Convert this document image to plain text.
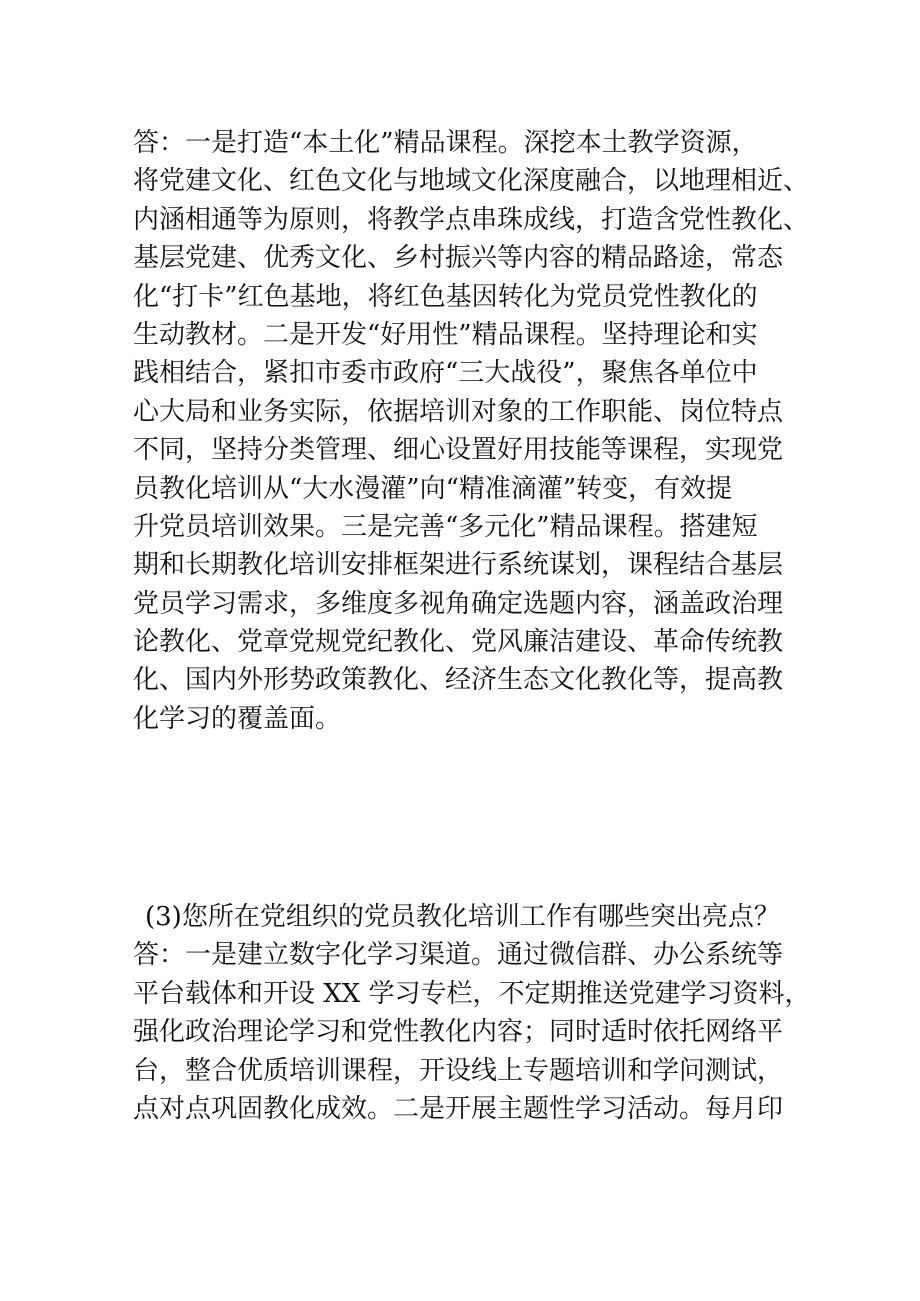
答：一是打造“本土化”精品课程。深挖本土教学资源，
将党建文化、红色文化与地域文化深度融合，以地理相近、
内涵相通等为原则，将教学点串珠成线，打造含党性教化、
基层党建、优秀文化、乡村振兴等内容的精品路途，常态
化“打卡”红色基地，将红色基因转化为党员党性教化的
生动教材。二是开发“好用性”精品课程。坚持理论和实
践相结合，紧扣市委市政府“三大战役”，聚焦各单位中
心大局和业务实际，依据培训对象的工作职能、岗位特点
不同，坚持分类管理、细心设置好用技能等课程，实现党
员教化培训从“大水漫灌”向“精准滴灌”转变，有效提
升党员培训效果。三是完善“多元化”精品课程。搭建短
期和长期教化培训安排框架进行系统谋划，课程结合基层
党员学习需求，多维度多视角确定选题内容，涵盖政治理
论教化、党章党规党纪教化、党风廉洁建设、革命传统教
化、国内外形势政策教化、经济生态文化教化等，提高教
化学习的覆盖面。
(3)您所在党组织的党员教化培训工作有哪些突出亮点？
答：一是建立数字化学习渠道。通过微信群、办公系统等
平台载体和开设 XX 学习专栏，不定期推送党建学习资料，
强化政治理论学习和党性教化内容；同时适时依托网络平
台，整合优质培训课程，开设线上专题培训和学问测试，
点对点巩固教化成效。二是开展主题性学习活动。每月印
